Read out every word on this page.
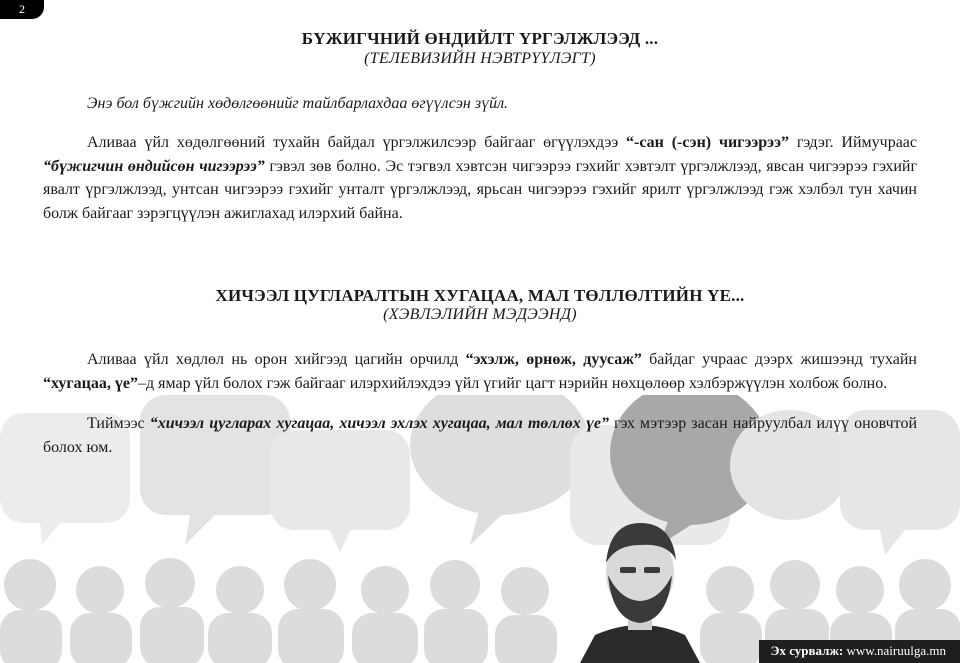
2
БҮЖИГЧНИЙ ӨНДИЙЛТ ҮРГЭЛЖЛЭЭД ...
(ТЕЛЕВИЗИЙН НЭВТРҮҮЛЭГТ)

Энэ бол бүжгийн хөдөлгөөнийг тайлбарлахдаа өгүүлсэн зүйл.

Аливаа үйл хөдөлгөөний тухайн байдал үргэлжилсээр байгааг өгүүлэхдээ “-сан (-сэн) чигээрээ” гэдэг. Иймучраас “бүжигчин өндийсөн чигээрээ” гэвэл зөв болно. Эс тэгвэл хэвтсэн чигээрээ гэхийг хэвтэлт үргэлжлээд, явсан чигээрээ гэхийг явалт үргэлжлээд, унтсан чигээрээ гэхийг унталт үргэлжлээд, ярьсан чигээрээ гэхийг ярилт үргэлжлээд гэж хэлбэл тун хачин болж байгааг зэрэгцүүлэн ажиглахад илэрхий байна.

ХИЧЭЭЛ ЦУГЛАРАЛТЫН ХУГАЦАА, МАЛ ТӨЛЛӨЛТИЙН ҮЕ...
(ХЭВЛЭЛИЙН МЭДЭЭНД)

Аливаа үйл хөдлөл нь орон хийгээд цагийн орчилд “эхэлж, өрнөж, дуусаж” байдаг учраас дээрх жишээнд тухайн “хугацаа, үе”–д ямар үйл болох гэж байгааг илэрхийлэхдээ үйл үгийг цагт нэрийн нөхцөлөөр хэлбэржүүлэн холбож болно.

Тиймээс “хичээл цугларах хугацаа, хичээл эхлэх хугацаа, мал төллөх үе” гэх мэтээр засан найруулбал илүү оновчтой болох юм.

Эх сурвалж: www.nairuulga.mn
